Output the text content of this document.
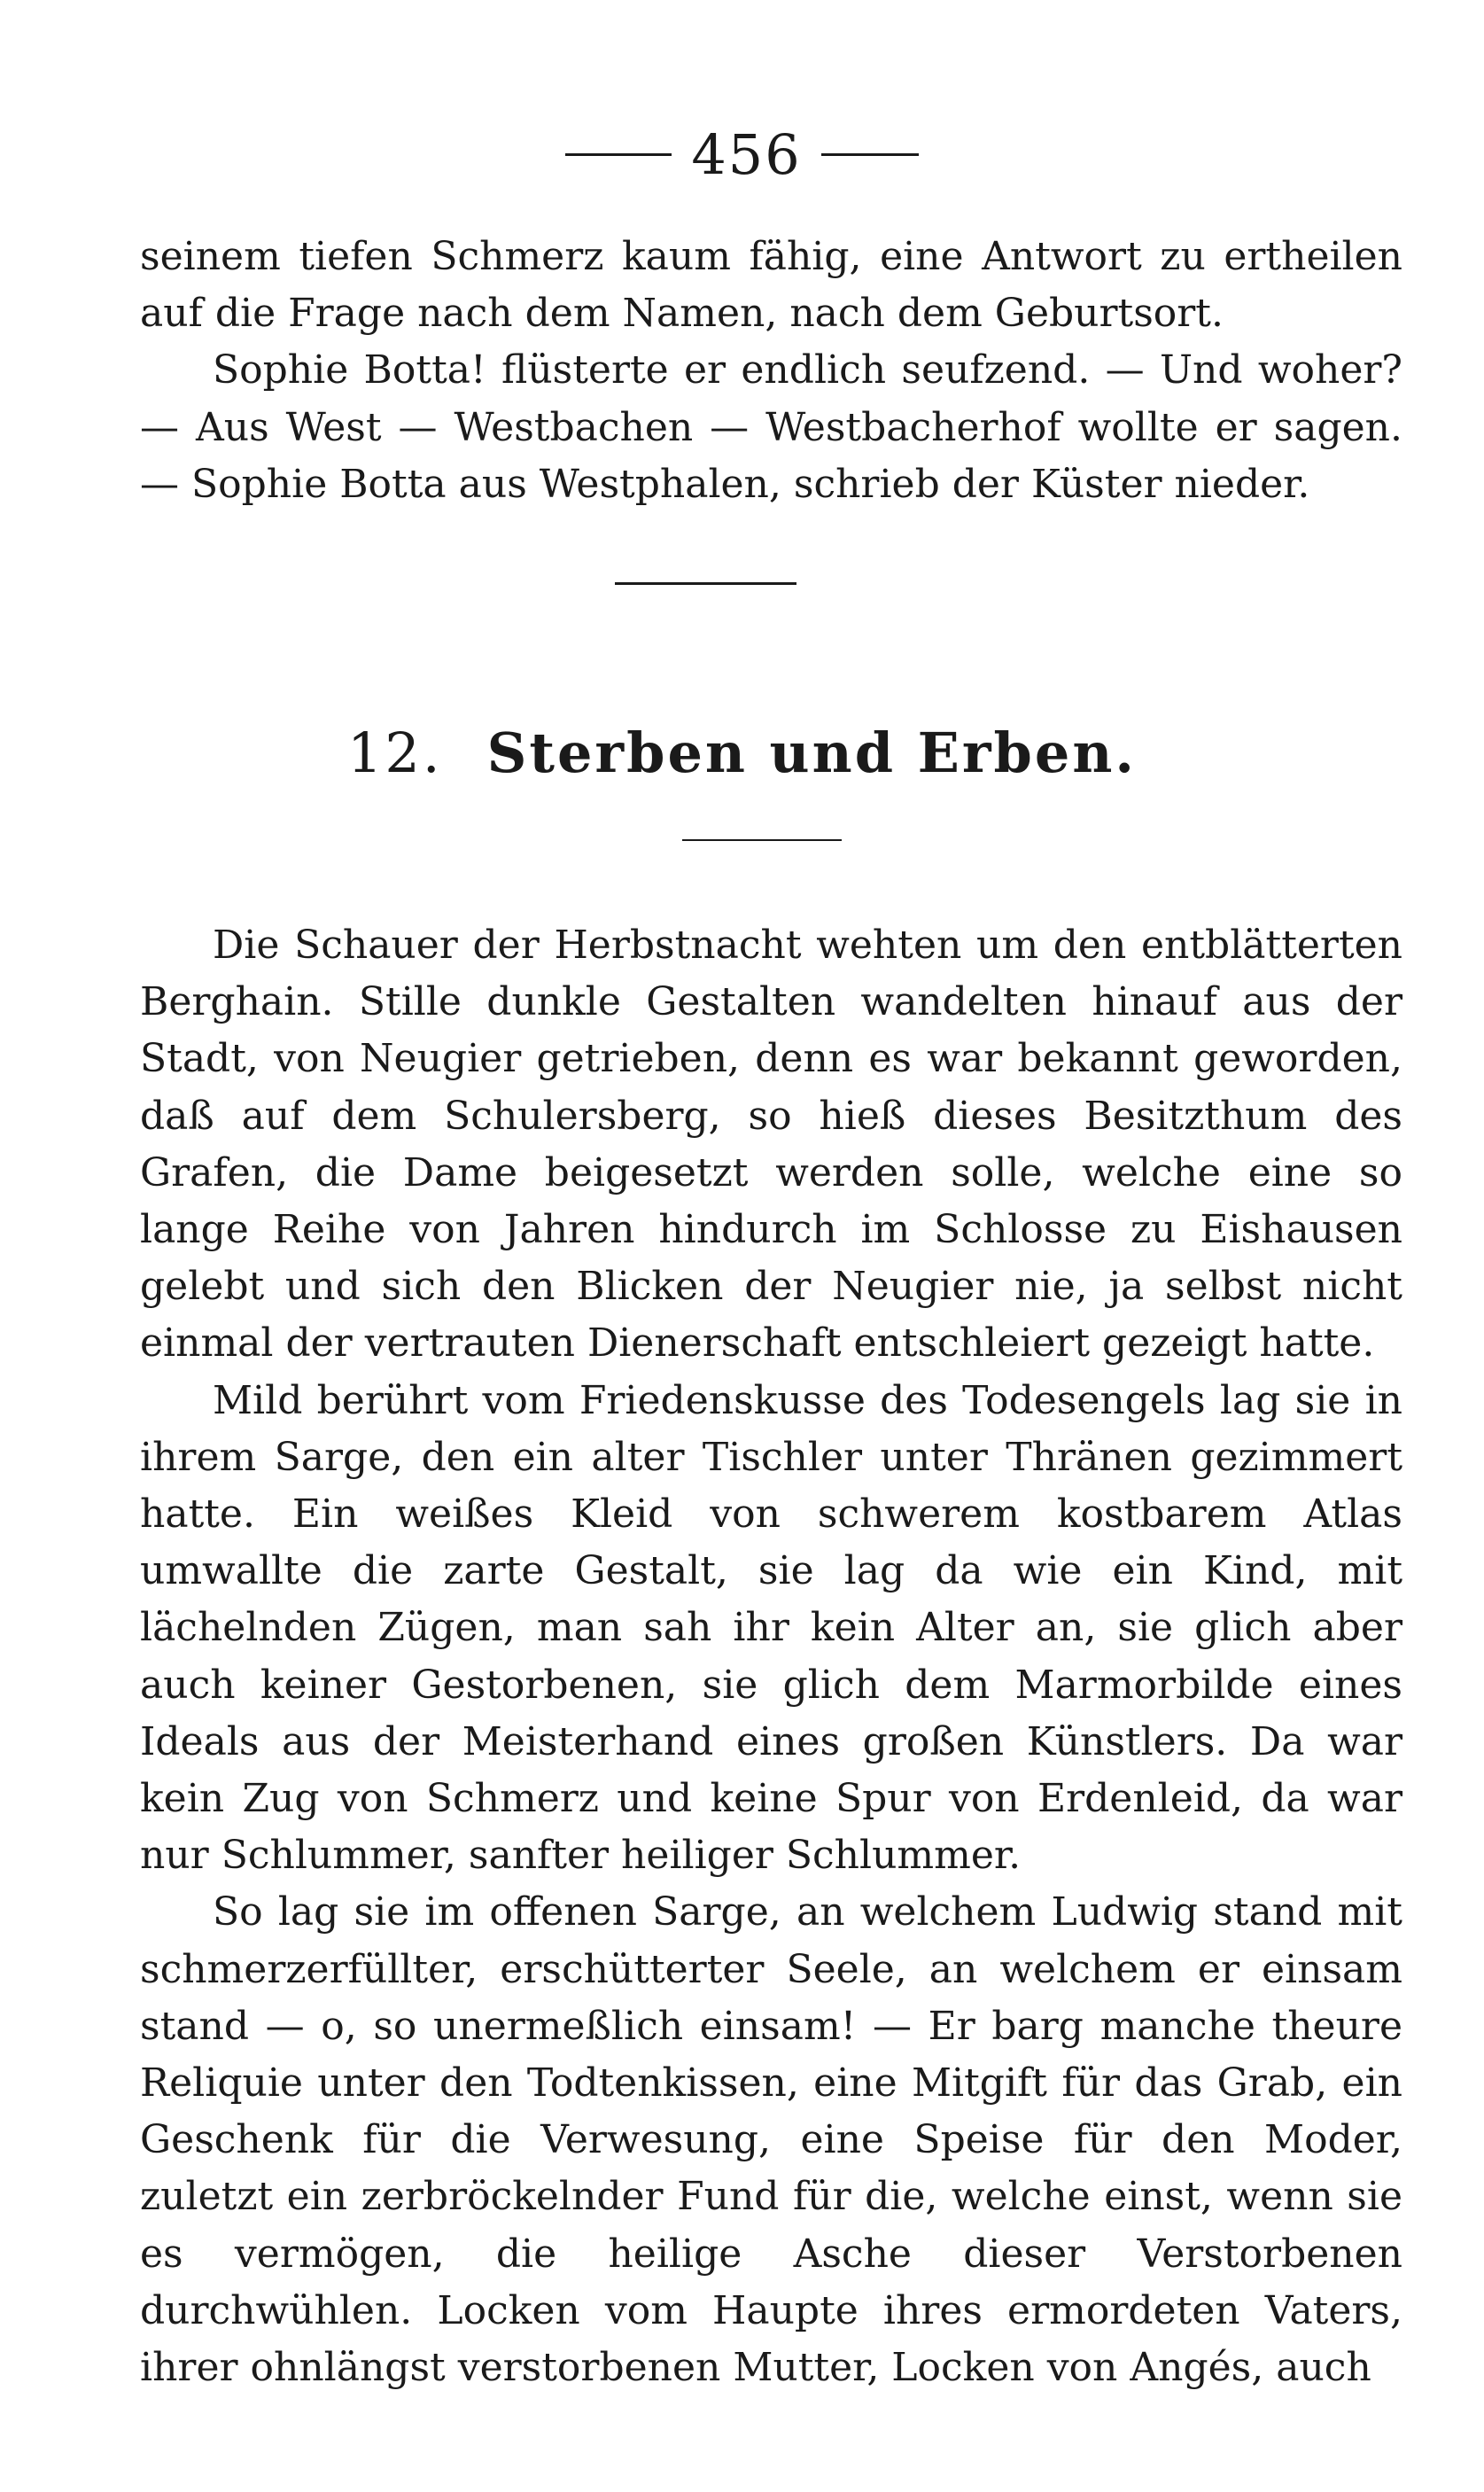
456

seinem tiefen Schmerz kaum fähig, eine Antwort zu ertheilen auf die Frage nach dem Namen, nach dem Geburtsort.

Sophie Botta! flüsterte er endlich seufzend. — Und woher? — Aus West — Westbachen — Westbacherhof wollte er sagen. — Sophie Botta aus Westphalen, schrieb der Küster nieder.

12. Sterben und Erben.

Die Schauer der Herbstnacht wehten um den entblätterten Berghain. Stille dunkle Gestalten wandelten hinauf aus der Stadt, von Neugier getrieben, denn es war bekannt geworden, daß auf dem Schulersberg, so hieß dieses Besitzthum des Grafen, die Dame beigesetzt werden solle, welche eine so lange Reihe von Jahren hindurch im Schlosse zu Eishausen gelebt und sich den Blicken der Neugier nie, ja selbst nicht einmal der vertrauten Dienerschaft entschleiert gezeigt hatte.

Mild berührt vom Friedenskusse des Todesengels lag sie in ihrem Sarge, den ein alter Tischler unter Thränen gezimmert hatte. Ein weißes Kleid von schwerem kostbarem Atlas umwallte die zarte Gestalt, sie lag da wie ein Kind, mit lächelnden Zügen, man sah ihr kein Alter an, sie glich aber auch keiner Gestorbenen, sie glich dem Marmorbilde eines Ideals aus der Meisterhand eines großen Künstlers. Da war kein Zug von Schmerz und keine Spur von Erdenleid, da war nur Schlummer, sanfter heiliger Schlummer.

So lag sie im offenen Sarge, an welchem Ludwig stand mit schmerzerfüllter, erschütterter Seele, an welchem er einsam stand — o, so unermeßlich einsam! — Er barg manche theure Reliquie unter den Todtenkissen, eine Mitgift für das Grab, ein Geschenk für die Verwesung, eine Speise für den Moder, zuletzt ein zerbröckelnder Fund für die, welche einst, wenn sie es vermögen, die heilige Asche dieser Verstorbenen durchwühlen. Locken vom Haupte ihres ermordeten Vaters, ihrer ohnlängst verstorbenen Mutter, Locken von Angés, auch
